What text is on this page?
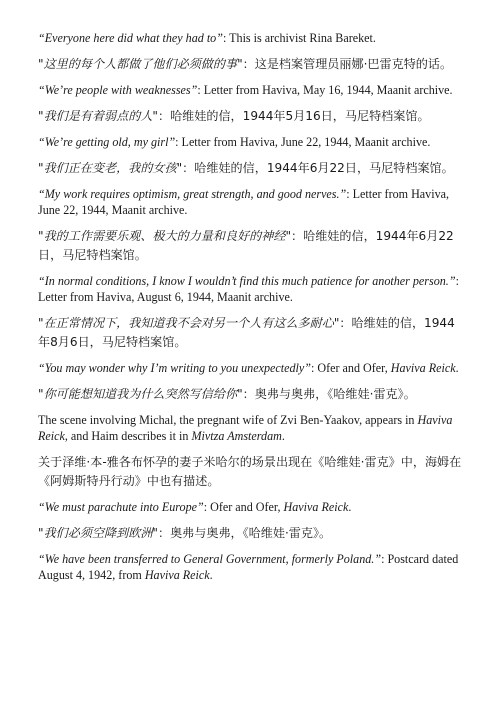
“Everyone here did what they had to”: This is archivist Rina Bareket.

"这里的每个人都做了他们必须做的事"：这是档案管理员丽娜·巴雷克特的话。

“We’re people with weaknesses”: Letter from Haviva, May 16, 1944, Maanit archive.

"我们是有着弱点的人"：哈维娃的信，1944年5月16日，马尼特档案馆。

“We’re getting old, my girl”: Letter from Haviva, June 22, 1944, Maanit archive.

"我们正在变老，我的女孩"：哈维娃的信，1944年6月22日，马尼特档案馆。

“My work requires optimism, great strength, and good nerves.”: Letter from Haviva, June 22, 1944, Maanit archive.

"我的工作需要乐观、极大的力量和良好的神经"：哈维娃的信，1944年6月22日，马尼特档案馆。

“In normal conditions, I know I wouldn’t find this much patience for another person.”: Letter from Haviva, August 6, 1944, Maanit archive.

"在正常情况下，我知道我不会对另一个人有这么多耐心"：哈维娃的信，1944年8月6日，马尼特档案馆。

“You may wonder why I’m writing to you unexpectedly”: Ofer and Ofer, Haviva Reick.

"你可能想知道我为什么突然写信给你"：奥弗与奥弗，《哈维娃·雷克》。

The scene involving Michal, the pregnant wife of Zvi Ben-Yaakov, appears in Haviva Reick, and Haim describes it in Mivtza Amsterdam.

关于泽维·本-雅各布怀孕的妻子米哈尔的场景出现在《哈维娃·雷克》中，海姆在《阿姆斯特丹行动》中也有描述。

“We must parachute into Europe”: Ofer and Ofer, Haviva Reick.

"我们必须空降到欧洲"：奥弗与奥弗，《哈维娃·雷克》。

“We have been transferred to General Government, formerly Poland.”: Postcard dated August 4, 1942, from Haviva Reick.
